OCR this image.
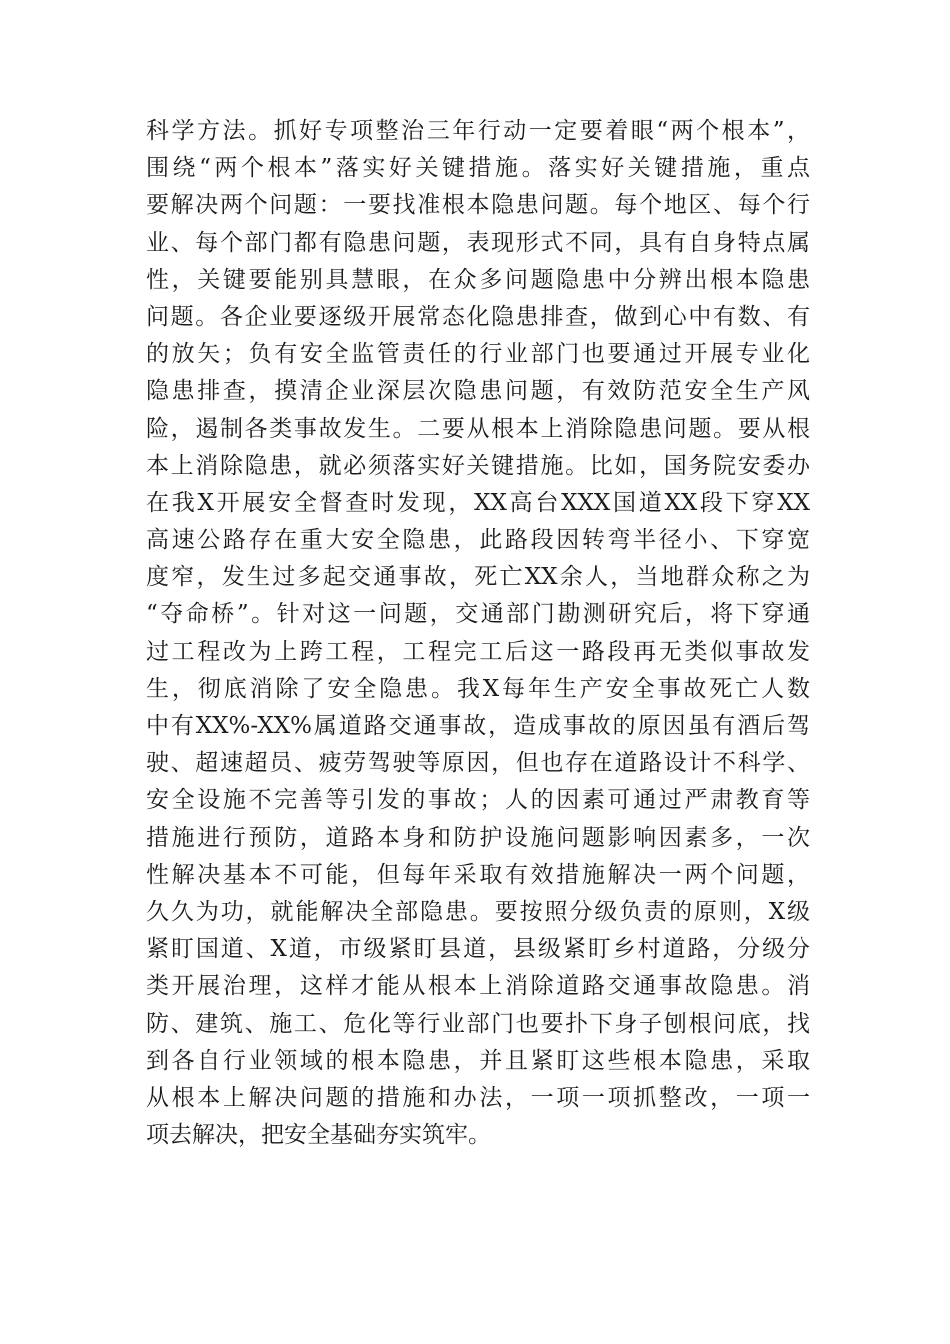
科学方法。抓好专项整治三年行动一定要着眼“两个根本”，
围绕“两个根本”落实好关键措施。落实好关键措施，重点
要解决两个问题：一要找准根本隐患问题。每个地区、每个行
业、每个部门都有隐患问题，表现形式不同，具有自身特点属
性，关键要能别具慧眼，在众多问题隐患中分辨出根本隐患
问题。各企业要逐级开展常态化隐患排查，做到心中有数、有
的放矢；负有安全监管责任的行业部门也要通过开展专业化
隐患排查，摸清企业深层次隐患问题，有效防范安全生产风
险，遏制各类事故发生。二要从根本上消除隐患问题。要从根
本上消除隐患，就必须落实好关键措施。比如，国务院安委办
在我X开展安全督查时发现，XX高台XXX国道XX段下穿XX
高速公路存在重大安全隐患，此路段因转弯半径小、下穿宽
度窄，发生过多起交通事故，死亡XX余人，当地群众称之为
“夺命桥”。针对这一问题，交通部门勘测研究后，将下穿通
过工程改为上跨工程，工程完工后这一路段再无类似事故发
生，彻底消除了安全隐患。我X每年生产安全事故死亡人数
中有XX%-XX%属道路交通事故，造成事故的原因虽有酒后驾
驶、超速超员、疲劳驾驶等原因，但也存在道路设计不科学、
安全设施不完善等引发的事故；人的因素可通过严肃教育等
措施进行预防，道路本身和防护设施问题影响因素多，一次
性解决基本不可能，但每年采取有效措施解决一两个问题，
久久为功，就能解决全部隐患。要按照分级负责的原则，X级
紧盯国道、X道，市级紧盯县道，县级紧盯乡村道路，分级分
类开展治理，这样才能从根本上消除道路交通事故隐患。消
防、建筑、施工、危化等行业部门也要扑下身子刨根问底，找
到各自行业领域的根本隐患，并且紧盯这些根本隐患，采取
从根本上解决问题的措施和办法，一项一项抓整改，一项一
项去解决，把安全基础夯实筑牢。
